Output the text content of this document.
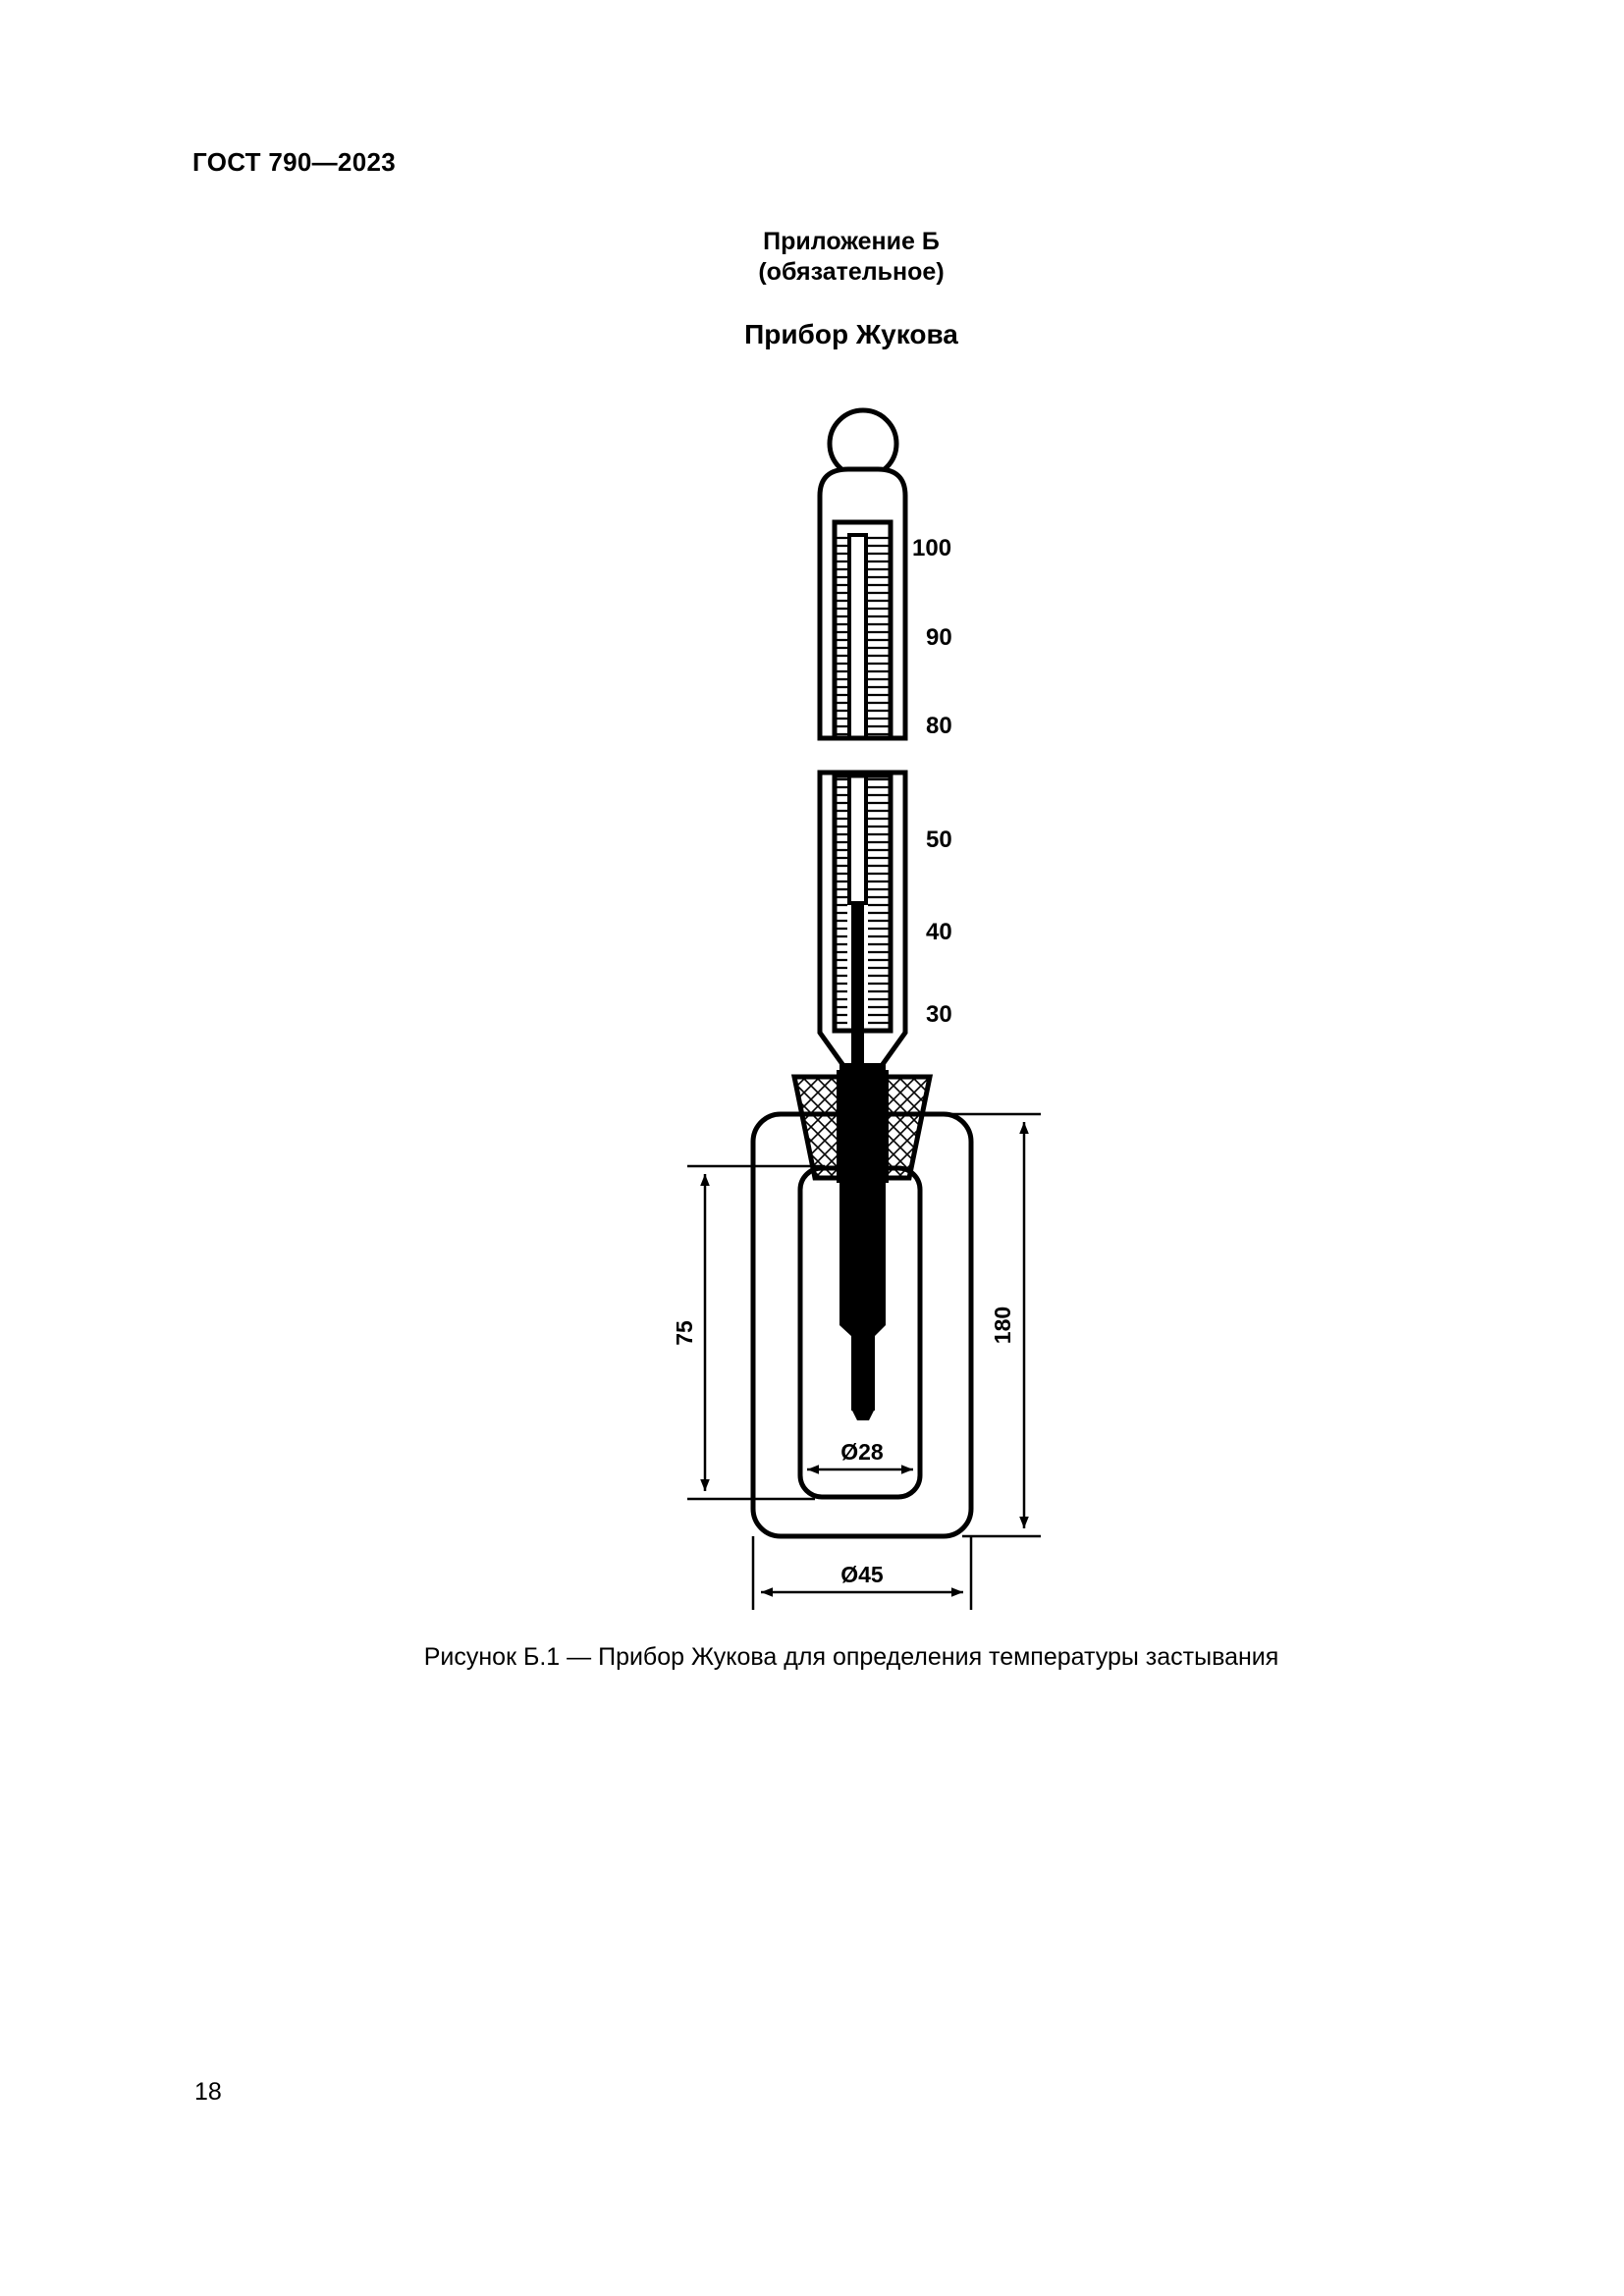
ГОСТ 790—2023
Приложение Б
(обязательное)
Прибор Жукова
75	180
Ø28
Ø45
100
90
80
50
40
30
Рисунок Б.1 — Прибор Жукова для определения температуры застывания
18
